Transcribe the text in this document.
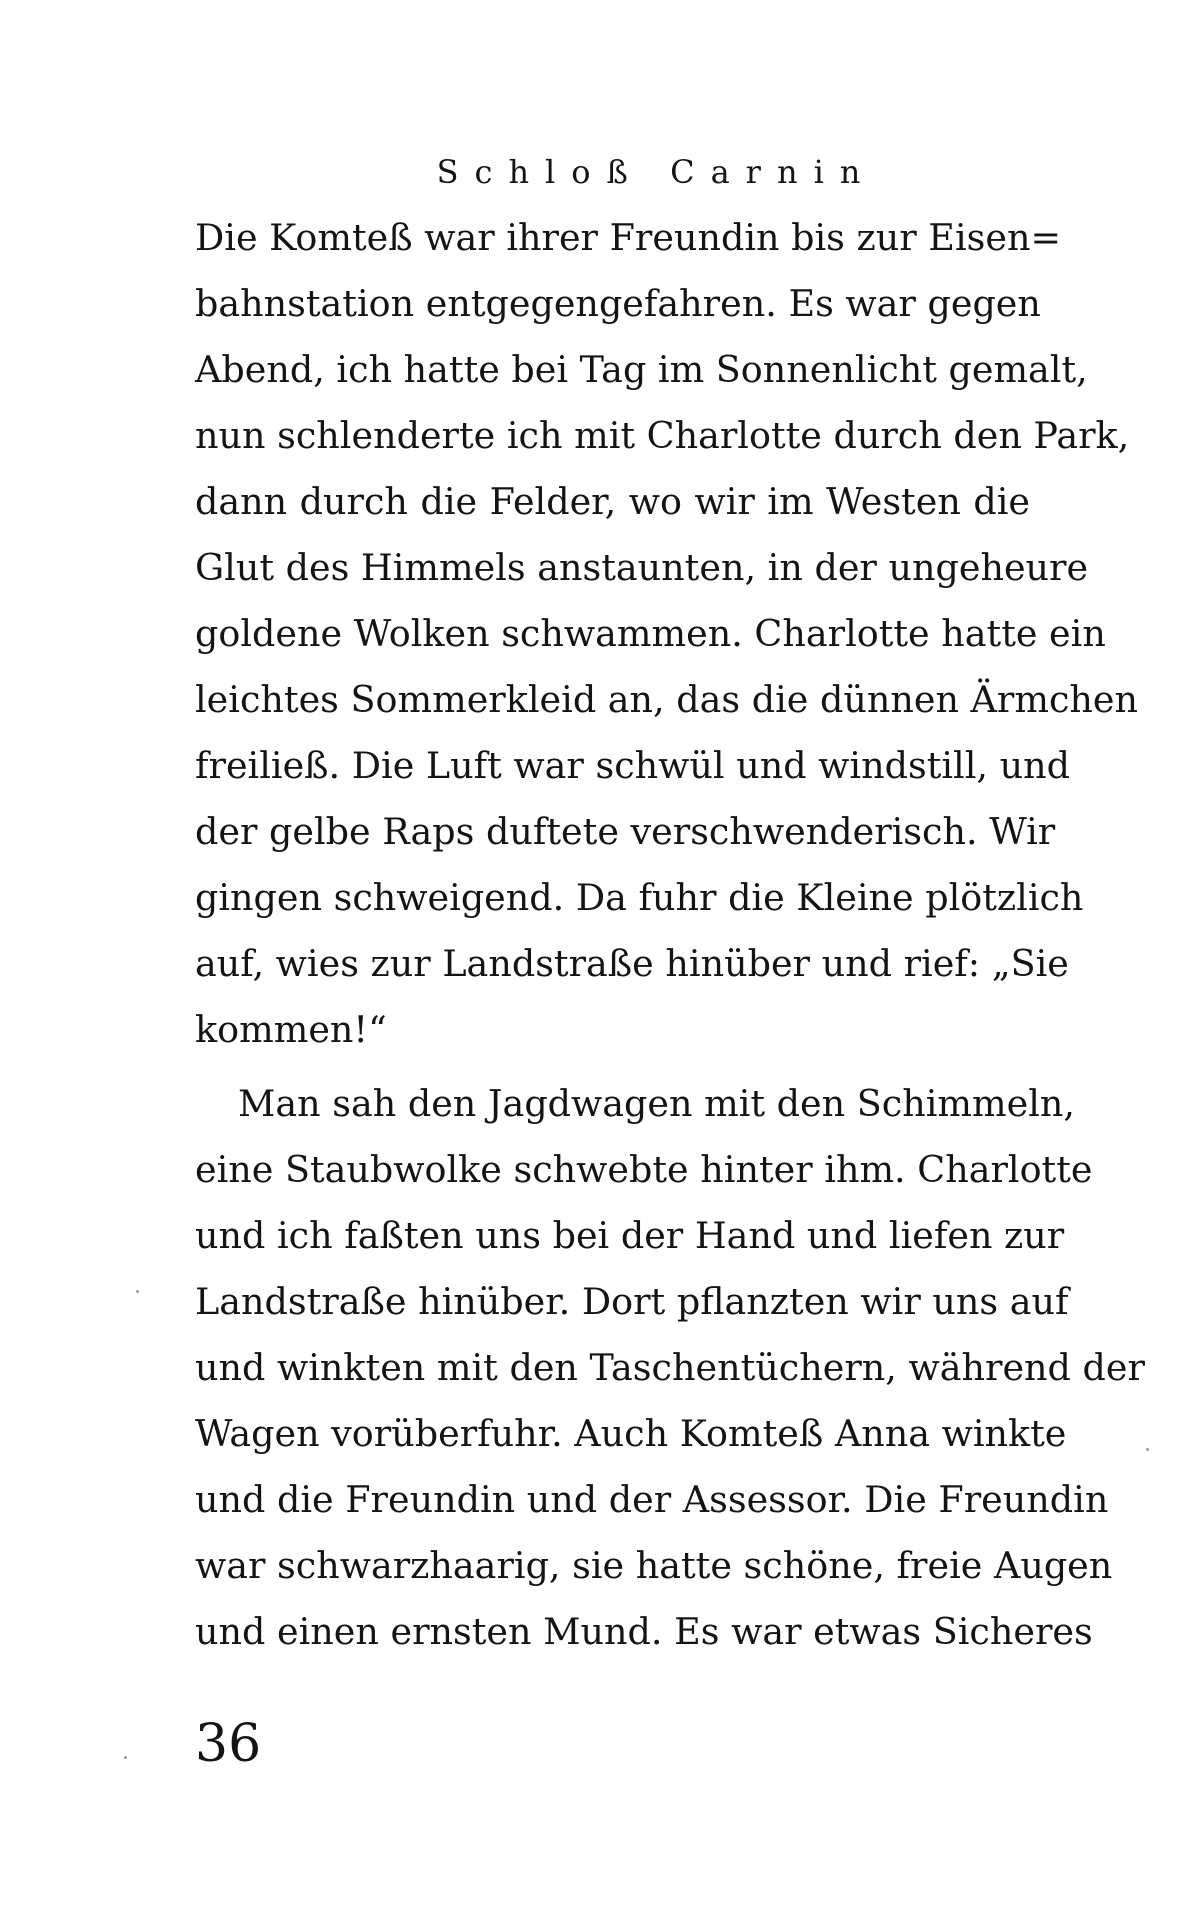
Schloß Carnin
Die Komteß war ihrer Freundin bis zur Eisen=
bahnstation entgegengefahren. Es war gegen
Abend, ich hatte bei Tag im Sonnenlicht gemalt,
nun schlenderte ich mit Charlotte durch den Park,
dann durch die Felder, wo wir im Westen die
Glut des Himmels anstaunten, in der ungeheure
goldene Wolken schwammen. Charlotte hatte ein
leichtes Sommerkleid an, das die dünnen Ärmchen
freiließ. Die Luft war schwül und windstill, und
der gelbe Raps duftete verschwenderisch. Wir
gingen schweigend. Da fuhr die Kleine plötzlich
auf, wies zur Landstraße hinüber und rief: „Sie
kommen!“
Man sah den Jagdwagen mit den Schimmeln,
eine Staubwolke schwebte hinter ihm. Charlotte
und ich faßten uns bei der Hand und liefen zur
Landstraße hinüber. Dort pflanzten wir uns auf
und winkten mit den Taschentüchern, während der
Wagen vorüberfuhr. Auch Komteß Anna winkte
und die Freundin und der Assessor. Die Freundin
war schwarzhaarig, sie hatte schöne, freie Augen
und einen ernsten Mund. Es war etwas Sicheres
36
